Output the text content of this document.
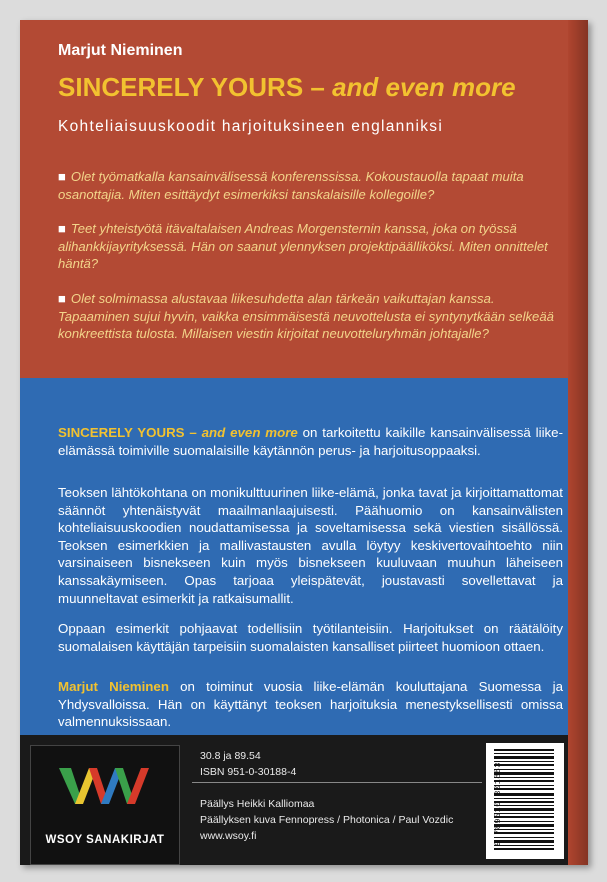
Marjut Nieminen
SINCERELY YOURS – and even more
Kohteliaisuuskoodit harjoituksineen englanniksi
■ Olet työmatkalla kansainvälisessä konferenssissa. Kokoustauolla tapaat muita osanottajia. Miten esittäydyt esimerkiksi tanskalaisille kollegoille?
■ Teet yhteistyötä itävaltalaisen Andreas Morgensternin kanssa, joka on työssä alihankkijayrityksessä. Hän on saanut ylennyksen projektipäälliköksi. Miten onnittelet häntä?
■ Olet solmimassa alustavaa liikesuhdetta alan tärkeän vaikuttajan kanssa. Tapaaminen sujui hyvin, vaikka ensimmäisestä neuvottelusta ei syntynytkään selkeää konkreettista tulosta. Millaisen viestin kirjoitat neuvotteluryhmän johtajalle?
SINCERELY YOURS – and even more on tarkoitettu kaikille kansainvälisessä liike-elämässä toimiville suomalaisille käytännön perus- ja harjoitusoppaaksi.
Teoksen lähtökohtana on monikulttuurinen liike-elämä, jonka tavat ja kirjoittamattomat säännöt yhtenäistyvät maailmanlaajuisesti. Päähuomio on kansainvälisten kohteliaisuuskoodien noudattamisessa ja soveltamisessa sekä viestien sisällössä. Teoksen esimerkkien ja mallivastausten avulla löytyy keskivertovaihtoehto niin varsinaiseen bisnekseen kuin myös bisnekseen kuuluvaan muuhun läheiseen kanssakäymiseen. Opas tarjoaa yleispätevät, joustavasti sovellettavat ja muunneltavat esimerkit ja ratkaisumallit.
Oppaan esimerkit pohjaavat todellisiin työtilanteisiin. Harjoitukset on räätälöity suomalaisen käyttäjän tarpeisiin suomalaisten kansalliset piirteet huomioon ottaen.
Marjut Nieminen on toiminut vuosia liike-elämän kouluttajana Suomessa ja Yhdysvalloissa. Hän on käyttänyt teoksen harjoituksia menestyksellisesti omissa valmennuksissaan.
WSOY SANAKIRJAT
30.8 ja 89.54
ISBN 951-0-30188-4
Päällys Heikki Kalliomaa
Päällyksen kuva Fennopress / Photonica / Paul Vozdic
www.wsoy.fi	9 789510 301883
